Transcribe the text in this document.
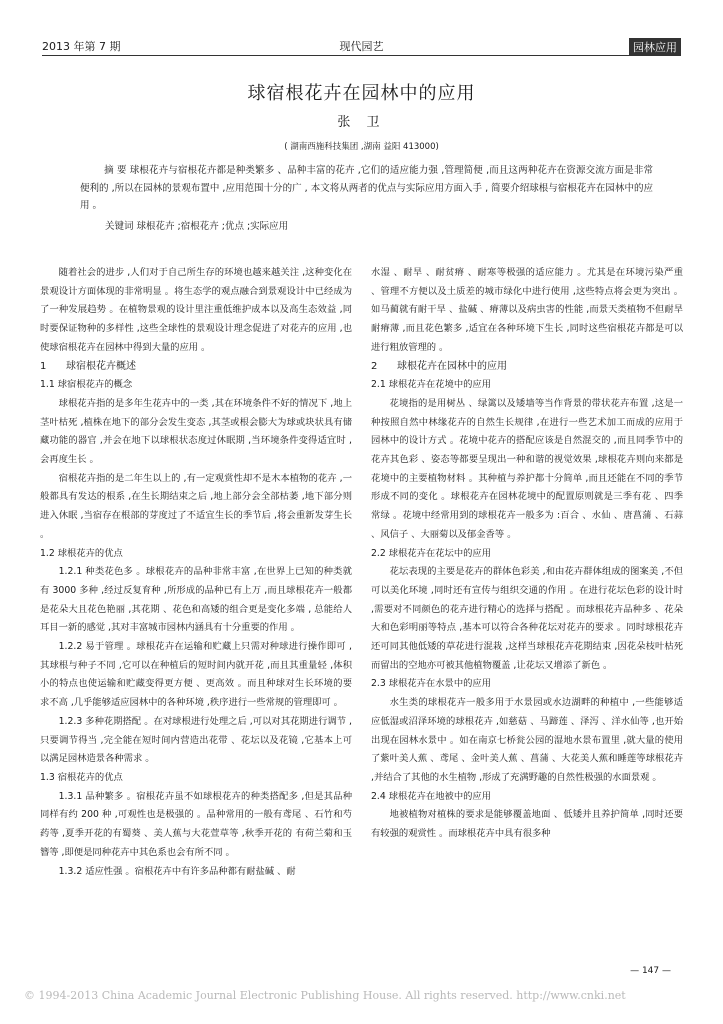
2013 年第 7 期	现代园艺	园林应用
球宿根花卉在园林中的应用
张 卫
( 湖南西施科技集团 ,湖南 益阳 413000)
摘 要 球根花卉与宿根花卉都是种类繁多 、品种丰富的花卉 ,它们的适应能力强 ,管理简便 ,而且这两种花卉在资源交流方面是非常便利的 ,所以在园林的景观布置中 ,应用范围十分的广 , 本文将从两者的优点与实际应用方面入手 , 简要介绍球根与宿根花卉在园林中的应用 。
关键词 球根花卉 ;宿根花卉 ;优点 ;实际应用

随着社会的进步 ,人们对于自己所生存的环境也越来越关注 ,这种变化在景观设计方面体现的非常明显 。将生态学的观点融合到景观设计中已经成为了一种发展趋势 。在植物景观的设计里注重低维护成本以及高生态效益 ,同时要保证物种的多样性 ,这些全球性的景观设计理念促进了对花卉的应用 ,也使球宿根花卉在园林中得到大量的应用 。

1 球宿根花卉概述
1.1 球宿根花卉的概念

球根花卉指的是多年生花卉中的一类 ,其在环境条件不好的情况下 ,地上茎叶枯死 ,植株在地下的部分会发生变态 ,其茎或根会膨大为球或块状具有储藏功能的器官 ,并会在地下以球根状态度过休眠期 ,当环境条件变得适宜时 ,会再度生长 。

宿根花卉指的是二年生以上的 ,有一定观赏性却不是木本植物的花卉 ,一般都具有发达的根系 ,在生长期结束之后 ,地上部分会全部枯萎 ,地下部分则进入休眠 ,当宿存在根部的芽度过了不适宜生长的季节后 ,将会重新发芽生长 。

1.2 球根花卉的优点

1.2.1 种类花色多 。球根花卉的品种非常丰富 ,在世界上已知的种类就有 3000 多种 ,经过反复育种 ,所形成的品种已有上万 ,而且球根花卉一般都是花朵大且花色艳丽 ,其花期 、花色和高矮的组合更是变化多端 , 总能给人耳目一新的感觉 ,其对丰富城市园林内涵具有十分重要的作用 。

1.2.2 易于管理 。球根花卉在运输和贮藏上只需对种球进行操作即可 ,其球根与种子不同 ,它可以在种植后的短时间内就开花 ,而且其重量轻 ,体积小的特点也使运输和贮藏变得更方便 、更高效 。而且种球对生长环境的要求不高 ,几乎能够适应园林中的各种环境 ,秩序进行一些常规的管理即可 。

1.2.3 多种花期搭配 。在对球根进行处理之后 ,可以对其花期进行调节 ,只要调节得当 ,完全能在短时间内营造出花带 、花坛以及花镜 ,它基本上可以满足园林造景各种需求 。

1.3 宿根花卉的优点

1.3.1 品种繁多 。宿根花卉虽不如球根花卉的种类搭配多 ,但是其品种同样有约 200 种 ,可观性也是极强的 。品种常用的一般有鸢尾 、石竹和芍药等 ,夏季开花的有蜀葵 、美人蕉与大花萱草等 ,秋季开花的 有荷兰菊和玉簪等 ,即便是同种花卉中其色系也会有所不同 。

1.3.2 适应性强 。宿根花卉中有许多品种都有耐盐碱 、耐

水湿 、耐旱 、耐贫瘠 、耐寒等极强的适应能力 。尤其是在环境污染严重 、管理不方便以及土质差的城市绿化中进行使用 ,这些特点将会更为突出 。如马蔺就有耐干旱 、盐碱 、瘠薄以及病虫害的性能 ,而景天类植物不但耐旱耐瘠薄 ,而且花色繁多 ,适宜在各种环境下生长 ,同时这些宿根花卉都是可以进行粗放管理的 。

2 球根花卉在园林中的应用
2.1 球根花卉在花境中的应用

花境指的是用树丛 、绿篱以及矮墙等当作背景的带状花卉布置 ,这是一种按照自然中林缘花卉的自然生长规律 ,在进行一些艺术加工而成的应用于园林中的设计方式 。花境中花卉的搭配应该是自然混交的 ,而且同季节中的花卉其色彩 、姿态等都要呈现出一种和谐的视觉效果 ,球根花卉则向来都是花境中的主要植物材料 。其种植与养护都十分简单 ,而且还能在不同的季节形成不同的变化 。球根花卉在园林花境中的配置原则就是三季有花 、四季常绿 。花境中经常用到的球根花卉一般多为 :百合 、水仙 、唐菖蒲 、石蒜 、风信子 、大丽菊以及郁金香等 。

2.2 球根花卉在花坛中的应用

花坛表现的主要是花卉的群体色彩美 ,和由花卉群体组成的图案美 ,不但可以美化环境 ,同时还有宣传与组织交通的作用 。在进行花坛色彩的设计时 ,需要对不同颜色的花卉进行精心的选择与搭配 。而球根花卉品种多 、花朵大和色彩明丽等特点 ,基本可以符合各种花坛对花卉的要求 。同时球根花卉还可同其他低矮的草花进行混栽 ,这样当球根花卉花期结束 ,因花朵枝叶枯死而留出的空地亦可被其他植物覆盖 ,让花坛又增添了新色 。

2.3 球根花卉在水景中的应用

水生类的球根花卉一般多用于水景园或水边湖畔的种植中 ,一些能够适应低湿或沼泽环境的球根花卉 ,如慈菇 、马蹄莲 、泽泻 、洋水仙等 ,也开始出现在园林水景中 。如在南京七桥瓮公园的湿地水景布置里 ,就大量的使用了紫叶美人蕉 、鸢尾 、金叶美人蕉 、菖蒲 、大花美人蕉和睡莲等球根花卉 ,并结合了其他的水生植物 ,形成了充满野趣的自然性极强的水面景观 。

2.4 球根花卉在地被中的应用

地被植物对植株的要求是能够覆盖地面 、低矮并且养护简单 ,同时还要有较强的观赏性 。而球根花卉中具有很多种

— 147 —
© 1994-2013 China Academic Journal Electronic Publishing House. All rights reserved. http://www.cnki.net
